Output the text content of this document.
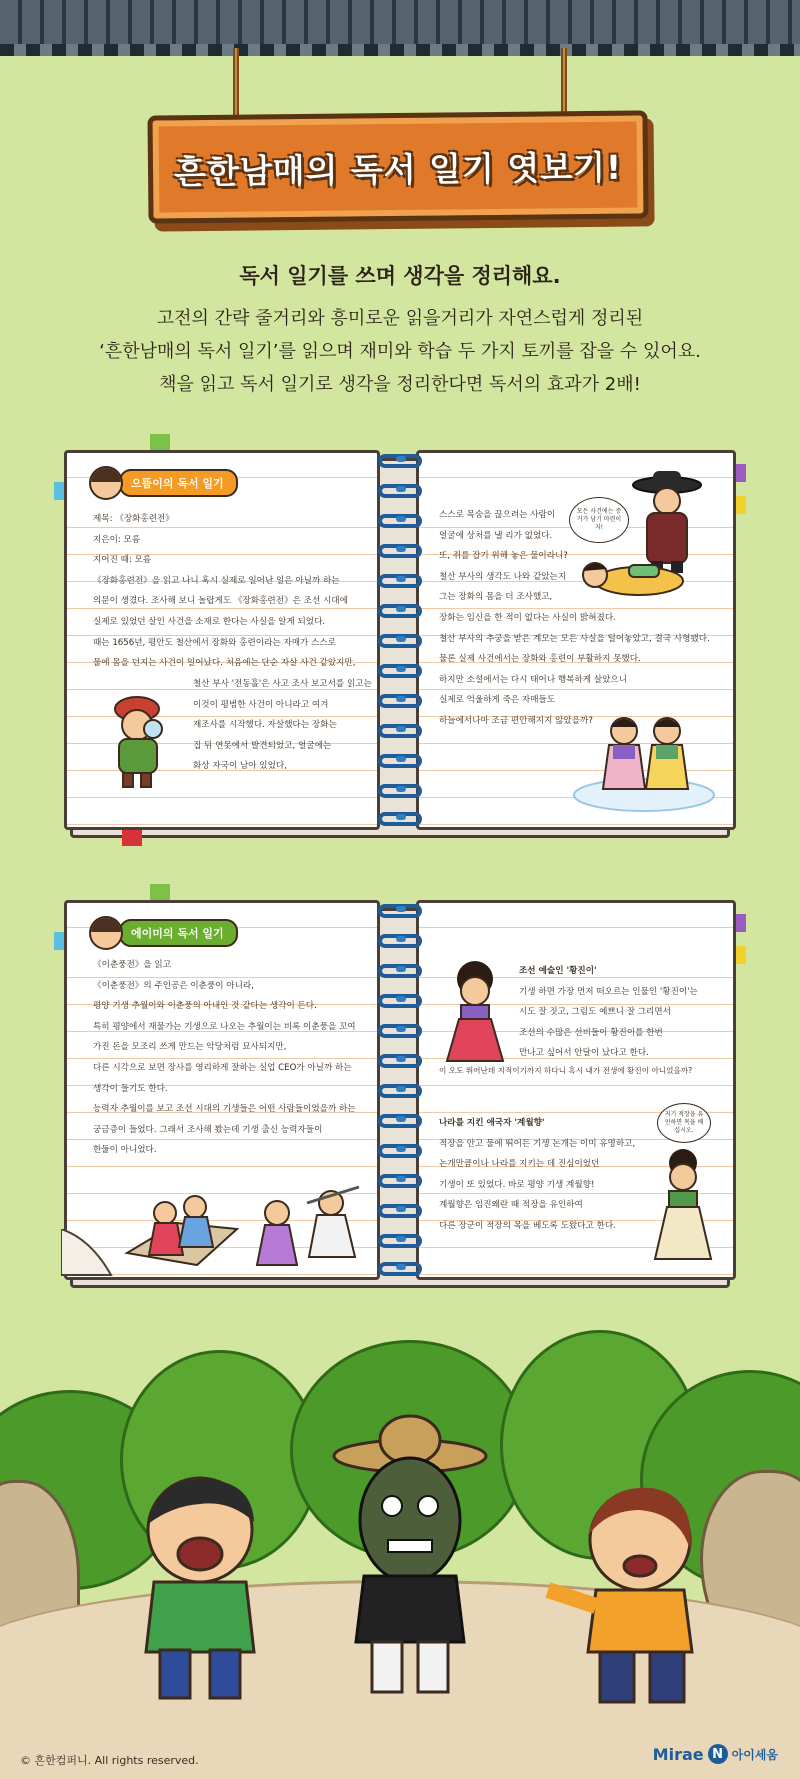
흔한남매의 독서 일기 엿보기!
독서 일기를 쓰며 생각을 정리해요.
고전의 간략 줄거리와 흥미로운 읽을거리가 자연스럽게 정리된
‘흔한남매의 독서 일기’를 읽으며 재미와 학습 두 가지 토끼를 잡을 수 있어요.
책을 읽고 독서 일기로 생각을 정리한다면 독서의 효과가 2배!
으뜸이의 독서 일기

제목: 《장화홍련전》

지은이: 모름

지어진 때: 모름

《장화홍련전》을 읽고 나니 혹시 실제로 일어난 일은 아닐까 하는

의문이 생겼다. 조사해 보니 놀랍게도 《장화홍련전》은 조선 시대에

실제로 있었던 살인 사건을 소재로 한다는 사실을 알게 되었다.

때는 1656년, 평안도 철산에서 장화와 홍련이라는 자매가 스스로

물에 몸을 던지는 사건이 일어났다. 처음에는 단순 자살 사건 같았지만,

철산 부사 '전동흘'은 사고 조사 보고서를 읽고는

이것이 평범한 사건이 아니라고 여겨

재조사를 시작했다. 자살했다는 장화는

집 뒤 연못에서 발견되었고, 얼굴에는

화상 자국이 남아 있었다,

스스로 목숨을 끊으려는 사람이

얼굴에 상처를 낼 리가 없었다.

또, 쥐를 잡기 위해 놓은 물이라니?

철산 부사의 생각도 나와 같았는지

그는 장화의 몸을 더 조사했고,

장화는 임신을 한 적이 없다는 사실이 밝혀졌다.

철산 부사의 추궁을 받은 계모는 모든 사실을 털어놓았고, 결국 사형됐다.

물론 실제 사건에서는 장화와 홍련이 부활하지 못했다.

하지만 소설에서는 다시 태어나 행복하게 살았으니

실제로 억울하게 죽은 자매들도

하늘에서나마 조금 편안해지지 않았을까?

모든 사건에는 증거가 남기 마련이지!
에이미의 독서 일기

《이춘풍전》을 읽고

《이춘풍전》의 주인공은 이춘풍이 아니라,

평양 기생 추월이와 이춘풍의 아내인 것 같다는 생각이 든다.

특히 평양에서 재물가는 기생으로 나오는 추월이는 비록 이춘풍을 꼬여

가진 돈을 모조리 쓰게 만드는 악당처럼 묘사되지만,

다른 시각으로 보면 장사를 영리하게 잘하는 실업 CEO가 아닐까 하는

생각이 들기도 한다.

능력자 추월이를 보고 조선 시대의 기생들은 어떤 사람들이었을까 하는

궁금증이 들었다. 그래서 조사해 봤는데 기생 출신 능력자들이

한둘이 아니었다.

조선 예술인 '황진이'

기생 하면 가장 먼저 떠오르는 인물인 '황진이'는

시도 잘 짓고, 그림도 예쁘니 잘 그리면서

조선의 수많은 선비들이 황진이를 한번

만나고 싶어서 안달이 났다고 한다.

이 오도 뛰어난데 지적이기까지 하다니 혹시 내가 전생에 황진이 아니었을까?

나라를 지킨 애국자 '계월향'

적장을 안고 물에 뛰어든 기생 논개는 이미 유명하고,

논개만큼이나 나라를 지키는 데 진심이었던

기생이 또 있었다. 바로 평양 기생 계월향!

계월향은 임진왜란 때 적장을 유인하여

다른 장군이 적장의 목을 베도록 도왔다고 한다.

저기 적장을 유인하면 목을 베십시오.
© 흔한컴퍼니. All rights reserved.	Mirae N 아이세움
